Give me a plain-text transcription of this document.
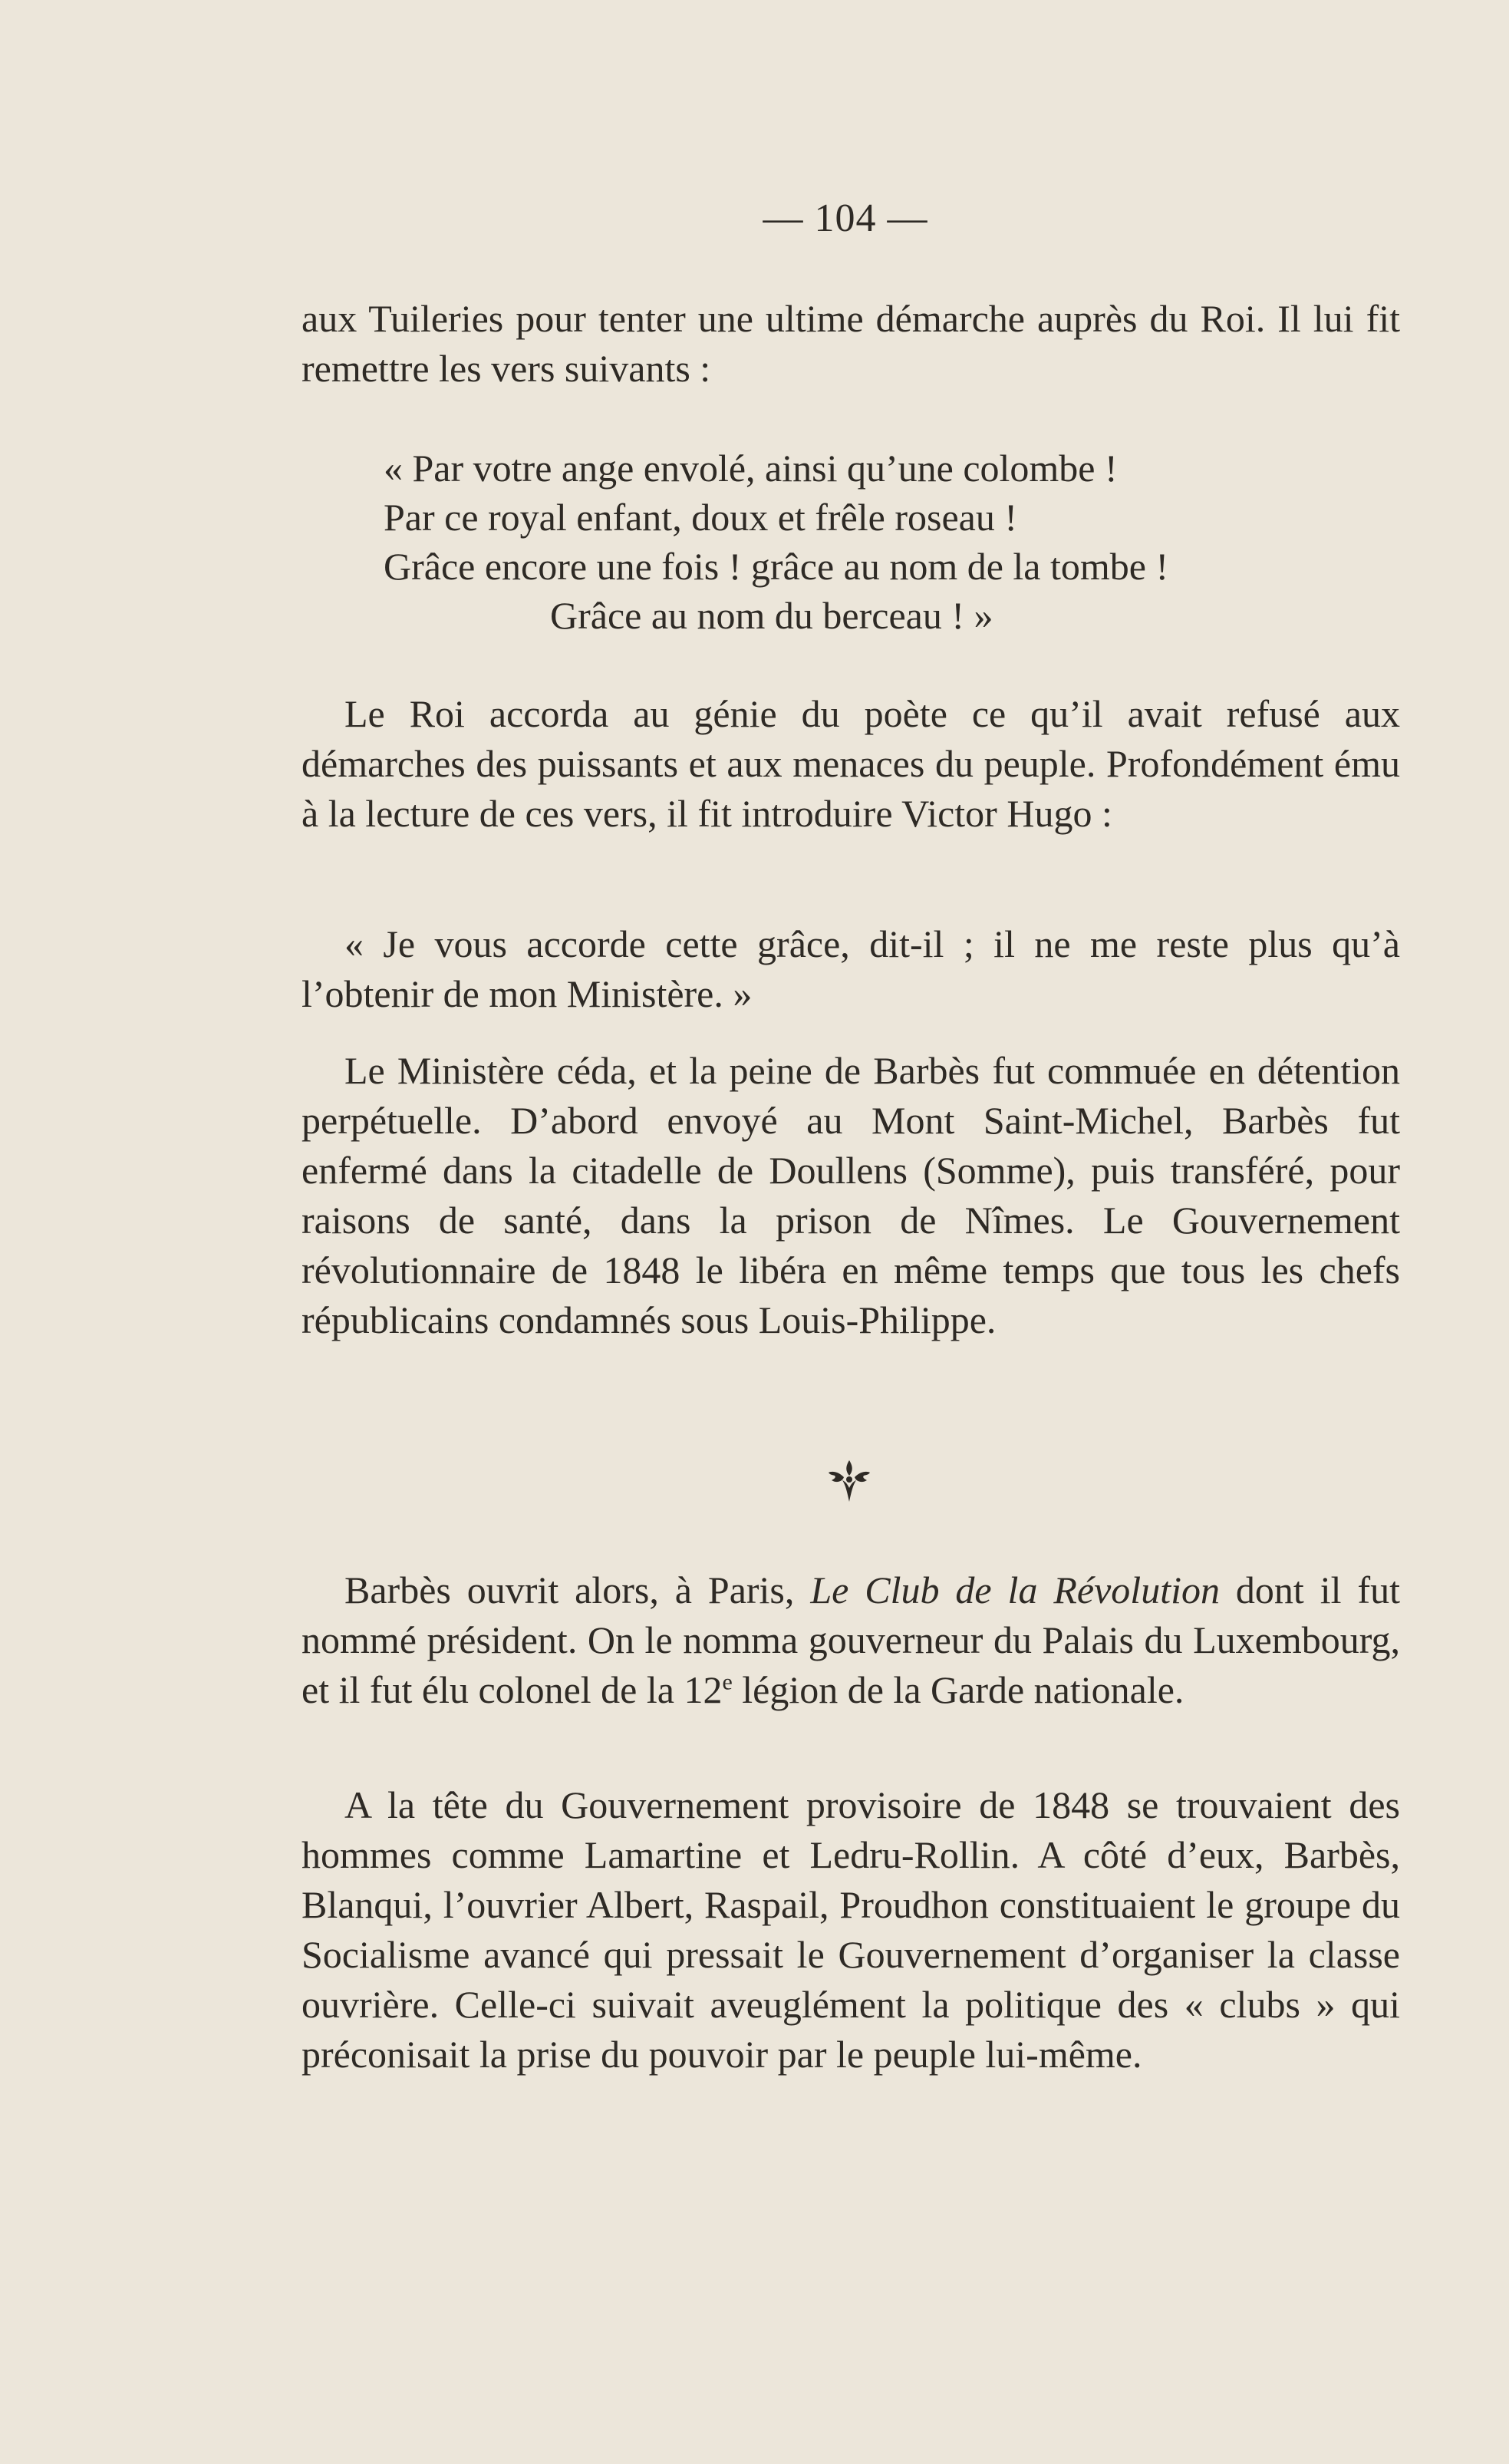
— 104 —

aux Tuileries pour tenter une ultime démarche auprès du Roi. Il lui fit remettre les vers suivants :

« Par votre ange envolé, ainsi qu’une colombe !
Par ce royal enfant, doux et frêle roseau !
Grâce encore une fois ! grâce au nom de la tombe !
Grâce au nom du berceau ! »

Le Roi accorda au génie du poète ce qu’il avait refusé aux démarches des puissants et aux menaces du peuple. Profondément ému à la lecture de ces vers, il fit introduire Victor Hugo :

« Je vous accorde cette grâce, dit-il ; il ne me reste plus qu’à l’obtenir de mon Ministère. »

Le Ministère céda, et la peine de Barbès fut commuée en détention perpétuelle. D’abord envoyé au Mont Saint-Michel, Barbès fut enfermé dans la citadelle de Doullens (Somme), puis transféré, pour raisons de santé, dans la prison de Nîmes. Le Gouvernement révolutionnaire de 1848 le libéra en même temps que tous les chefs républicains condamnés sous Louis-Philippe.

Barbès ouvrit alors, à Paris, Le Club de la Révolution dont il fut nommé président. On le nomma gouverneur du Palais du Luxembourg, et il fut élu colonel de la 12e légion de la Garde nationale.

A la tête du Gouvernement provisoire de 1848 se trouvaient des hommes comme Lamartine et Ledru-Rollin. A côté d’eux, Barbès, Blanqui, l’ouvrier Albert, Raspail, Proudhon constituaient le groupe du Socialisme avancé qui pressait le Gouvernement d’organiser la classe ouvrière. Celle-ci suivait aveuglément la politique des « clubs » qui préconisait la prise du pouvoir par le peuple lui-même.
